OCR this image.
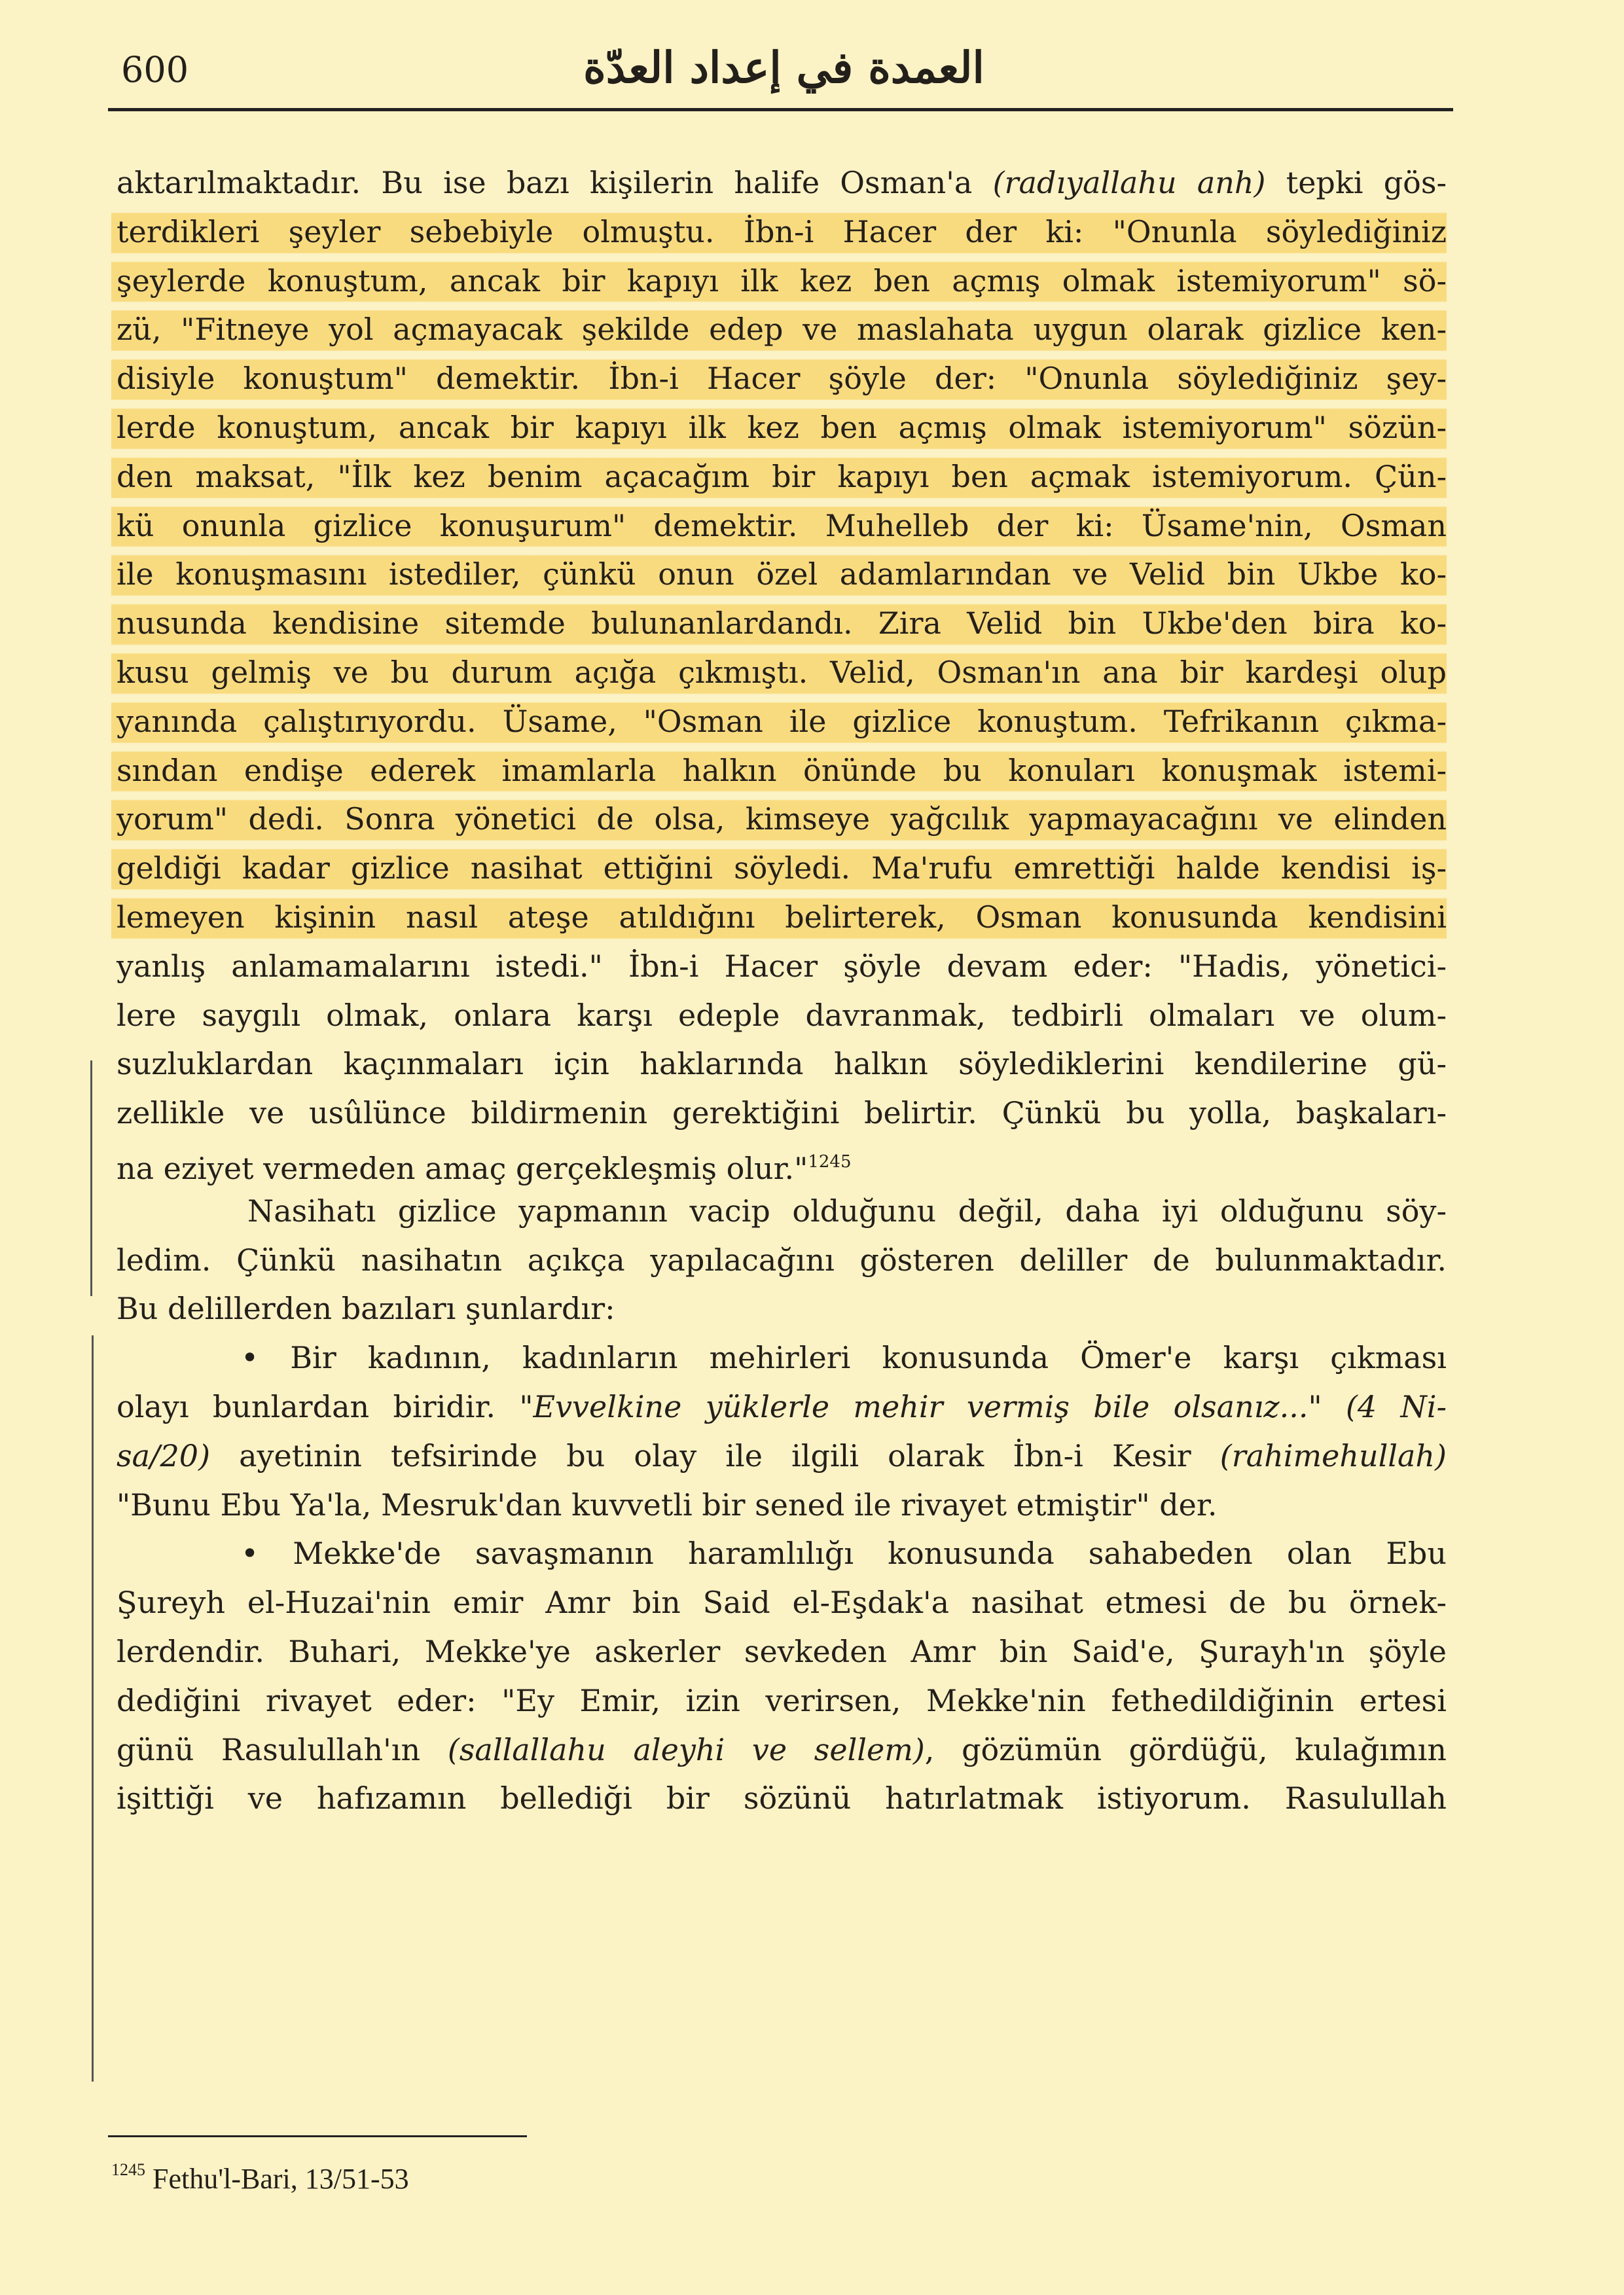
600	العمدة في إعداد العدّة
aktarılmaktadır. Bu ise bazı kişilerin halife Osman'a (radıyallahu anh) tepki gös-
terdikleri şeyler sebebiyle olmuştu. İbn-i Hacer der ki: "Onunla söylediğiniz
şeylerde konuştum, ancak bir kapıyı ilk kez ben açmış olmak istemiyorum" sö-
zü, "Fitneye yol açmayacak şekilde edep ve maslahata uygun olarak gizlice ken-
disiyle konuştum" demektir. İbn-i Hacer şöyle der: "Onunla söylediğiniz şey-
lerde konuştum, ancak bir kapıyı ilk kez ben açmış olmak istemiyorum" sözün-
den maksat, "İlk kez benim açacağım bir kapıyı ben açmak istemiyorum. Çün-
kü onunla gizlice konuşurum" demektir. Muhelleb der ki: Üsame'nin, Osman
ile konuşmasını istediler, çünkü onun özel adamlarından ve Velid bin Ukbe ko-
nusunda kendisine sitemde bulunanlardandı. Zira Velid bin Ukbe'den bira ko-
kusu gelmiş ve bu durum açığa çıkmıştı. Velid, Osman'ın ana bir kardeşi olup
yanında çalıştırıyordu. Üsame, "Osman ile gizlice konuştum. Tefrikanın çıkma-
sından endişe ederek imamlarla halkın önünde bu konuları konuşmak istemi-
yorum" dedi. Sonra yönetici de olsa, kimseye yağcılık yapmayacağını ve elinden
geldiği kadar gizlice nasihat ettiğini söyledi. Ma'rufu emrettiği halde kendisi iş-
lemeyen kişinin nasıl ateşe atıldığını belirterek, Osman konusunda kendisini
yanlış anlamamalarını istedi." İbn-i Hacer şöyle devam eder: "Hadis, yönetici-
lere saygılı olmak, onlara karşı edeple davranmak, tedbirli olmaları ve olum-
suzluklardan kaçınmaları için haklarında halkın söylediklerini kendilerine gü-
zellikle ve usûlünce bildirmenin gerektiğini belirtir. Çünkü bu yolla, başkaları-
na eziyet vermeden amaç gerçekleşmiş olur."$^{1245}$
Nasihatı gizlice yapmanın vacip olduğunu değil, daha iyi olduğunu söy-
ledim. Çünkü nasihatın açıkça yapılacağını gösteren deliller de bulunmaktadır.
Bu delillerden bazıları şunlardır:
• Bir kadının, kadınların mehirleri konusunda Ömer'e karşı çıkması
olayı bunlardan biridir. "Evvelkine yüklerle mehir vermiş bile olsanız..." (4 Ni-
sa/20) ayetinin tefsirinde bu olay ile ilgili olarak İbn-i Kesir (rahimehullah)
"Bunu Ebu Ya'la, Mesruk'dan kuvvetli bir sened ile rivayet etmiştir" der.
• Mekke'de savaşmanın haramlılığı konusunda sahabeden olan Ebu
Şureyh el-Huzai'nin emir Amr bin Said el-Eşdak'a nasihat etmesi de bu örnek-
lerdendir. Buhari, Mekke'ye askerler sevkeden Amr bin Said'e, Şurayh'ın şöyle
dediğini rivayet eder: "Ey Emir, izin verirsen, Mekke'nin fethedildiğinin ertesi
günü Rasulullah'ın (sallallahu aleyhi ve sellem), gözümün gördüğü, kulağımın
işittiği ve hafızamın bellediği bir sözünü hatırlatmak istiyorum. Rasulullah
$^{1245}$ Fethu'l-Bari, 13/51-53
